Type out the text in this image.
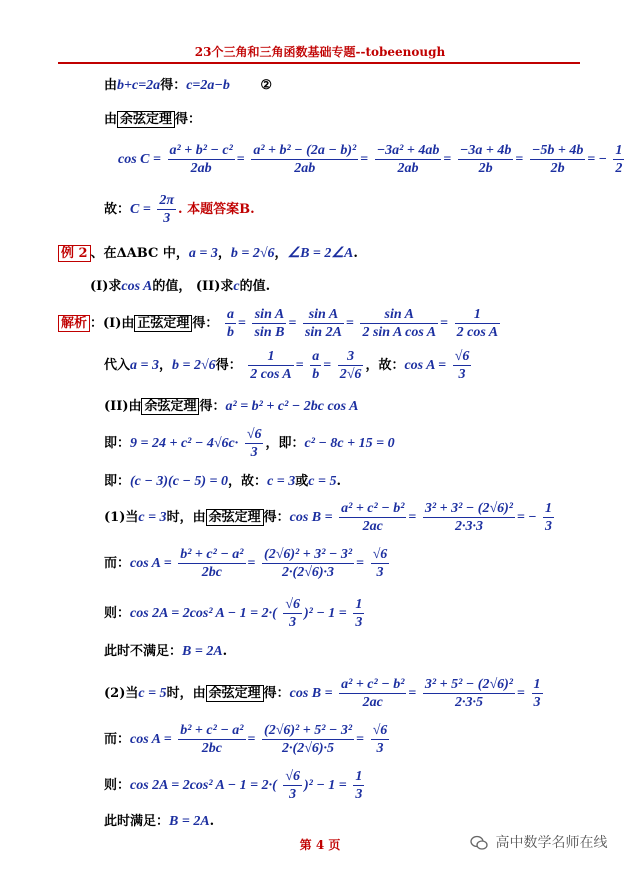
23个三角和三角函数基础专题--tobeenough
由b+c=2a得：c=2a−b ②
由 余弦定理 得：
$\cos C = \frac{\text{a² + b² − c²}}{2ab} = \frac{\text{a² + b² − (2a − b)²}}{2ab} = \frac{\text{−3a² + 4ab}}{2ab} = \frac{-3a + 4b}{2b} = \frac{-5b + 4b}{2b}$ = − $\frac{1}{2}$
故：$C = \frac{2\pi}{3}$ . 本题答案B.
例 2 、在ΔABC 中，a = 3，b = 2√6，∠B = 2∠A.
(I)求cos A的值， (II)求c的值.
解析 ：(I)由 正弦定理 得： $\frac{a}{b} = \frac{\text{sin A}}{\text{sin B}} = \frac{\text{sin A}}{\sin 2A} = \frac{\text{sin A}}{\text{2 sin A cos A}} = \frac{1}{\text{2 cos A}}$
代入a = 3，b = 2√6得： $\frac{1}{\text{2 cos A}} = \frac{a}{b} = \frac{3}{2√6}$ ，故：$\cos A = \frac{√6}{3}$
(II)由 余弦定理 得：a² = b² + c² − 2bc cos A
即：$9 = 24 + c^2 - 4√6c\cdot \frac{√6}{3}$ ，即：c² − 8c + 15 = 0
即：(c − 3)(c − 5) = 0，故：c = 3或c = 5.
(1)当c = 3时，由 余弦定理 得：$\cos B = \frac{\text{a² + c² − b²}}{2ac} = \frac{\text{3² + 3² − (2√6)²}}{2\cdot 3\cdot 3}$ = − $\frac{1}{3}$
而：$\cos A = \frac{\text{b² + c² − a²}}{2bc} = \frac{\text{(2√6)² + 3² − 3²}}{2\cdot(2√6)\cdot 3} = \frac{√6}{3}$
则：cos 2A = 2cos² $A - 1 = 2\cdot( \frac{√6}{3} )^2 - 1 = \frac{1}{3}$
此时不满足：B = 2A.
(2)当c = 5时，由 余弦定理 得：$\cos B = \frac{\text{a² + c² − b²}}{2ac} = \frac{\text{3² + 5² − (2√6)²}}{2\cdot 3\cdot 5} = \frac{1}{3}$
而：$\cos A = \frac{\text{b² + c² − a²}}{2bc} = \frac{\text{(2√6)² + 5² − 3²}}{2\cdot(2√6)\cdot 5} = \frac{√6}{3}$
则：cos 2A = 2cos² $A - 1 = 2\cdot( \frac{√6}{3} )^2 - 1 = \frac{1}{3}$
此时满足：B = 2A.
第 4 页	高中数学名师在线
